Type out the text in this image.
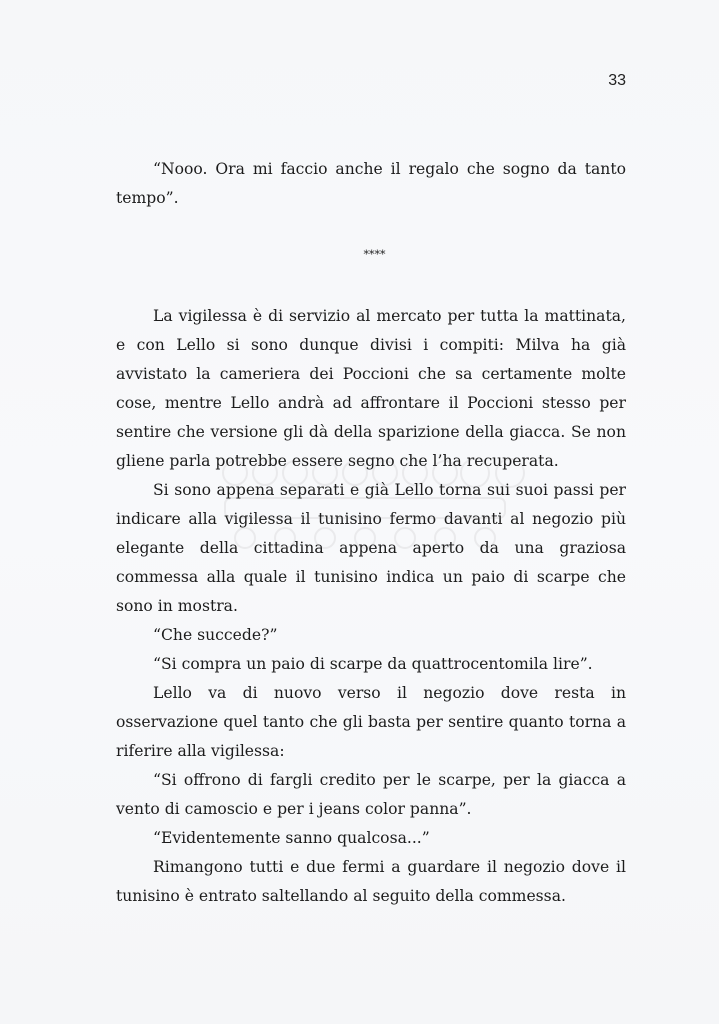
33

“Nooo. Ora mi faccio anche il regalo che sogno da tanto tempo”.

****

La vigilessa è di servizio al mercato per tutta la mattinata, e con Lello si sono dunque divisi i compiti: Milva ha già avvistato la cameriera dei Poccioni che sa certamente molte cose, mentre Lello andrà ad affrontare il Poccioni stesso per sentire che versione gli dà della sparizione della giacca. Se non gliene parla potrebbe essere segno che l’ha recuperata.

Si sono appena separati e già Lello torna sui suoi passi per indicare alla vigilessa il tunisino fermo davanti al negozio più elegante della cittadina appena aperto da una graziosa commessa alla quale il tunisino indica un paio di scarpe che sono in mostra.

“Che succede?”

“Si compra un paio di scarpe da quattrocentomila lire”.

Lello va di nuovo verso il negozio dove resta in osservazione quel tanto che gli basta per sentire quanto torna a riferire alla vigilessa:

“Si offrono di fargli credito per le scarpe, per la giacca a vento di camoscio e per i jeans color panna”.

“Evidentemente sanno qualcosa...”

Rimangono tutti e due fermi a guardare il negozio dove il tunisino è entrato saltellando al seguito della commessa.
